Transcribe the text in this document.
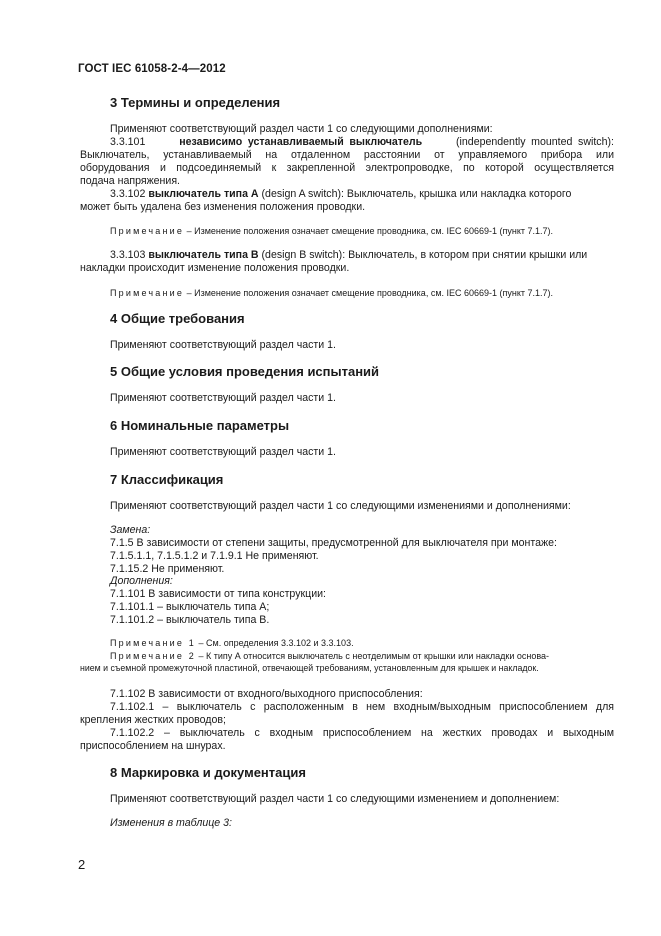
ГОСТ IEC 61058-2-4—2012
3 Термины и определения
Применяют соответствующий раздел части 1 со следующими дополнениями:
3.3.101	независимо устанавливаемый выключатель	(independently mounted switch):
Выключатель, устанавливаемый на отдаленном расстоянии от управляемого прибора или
оборудования и подсоединяемый к закрепленной электропроводке, по которой осуществляется
подача напряжения.
3.3.102 выключатель типа А (design A switch): Выключатель, крышка или накладка которого
может быть удалена без изменения положения проводки.
Примечание – Изменение положения означает смещение проводника, см. IEC 60669-1 (пункт 7.1.7).
3.3.103 выключатель типа В (design B switch): Выключатель, в котором при снятии крышки или
накладки происходит изменение положения проводки.
Примечание – Изменение положения означает смещение проводника, см. IEC 60669-1 (пункт 7.1.7).
4 Общие требования
Применяют соответствующий раздел части 1.
5 Общие условия проведения испытаний
Применяют соответствующий раздел части 1.
6 Номинальные параметры
Применяют соответствующий раздел части 1.
7 Классификация
Применяют соответствующий раздел части 1 со следующими изменениями и дополнениями:
Замена:
7.1.5 В зависимости от степени защиты, предусмотренной для выключателя при монтаже:
7.1.5.1.1, 7.1.5.1.2 и 7.1.9.1 Не применяют.
7.1.15.2 Не применяют.
Дополнения:
7.1.101 В зависимости от типа конструкции:
7.1.101.1 – выключатель типа А;
7.1.101.2 – выключатель типа В.
Примечание 1 – См. определения 3.3.102 и 3.3.103.
Примечание 2 – К типу А относится выключатель с неотделимым от крышки или накладки основа-
нием и съемной промежуточной пластиной, отвечающей требованиям, установленным для крышек и накладок.
7.1.102 В зависимости от входного/выходного приспособления:
7.1.102.1 – выключатель с расположенным в нем входным/выходным приспособлением для
крепления жестких проводов;
7.1.102.2 – выключатель с входным приспособлением на жестких проводах и выходным
приспособлением на шнурах.
8 Маркировка и документация
Применяют соответствующий раздел части 1 со следующими изменением и дополнением:
Изменения в таблице 3:
2
